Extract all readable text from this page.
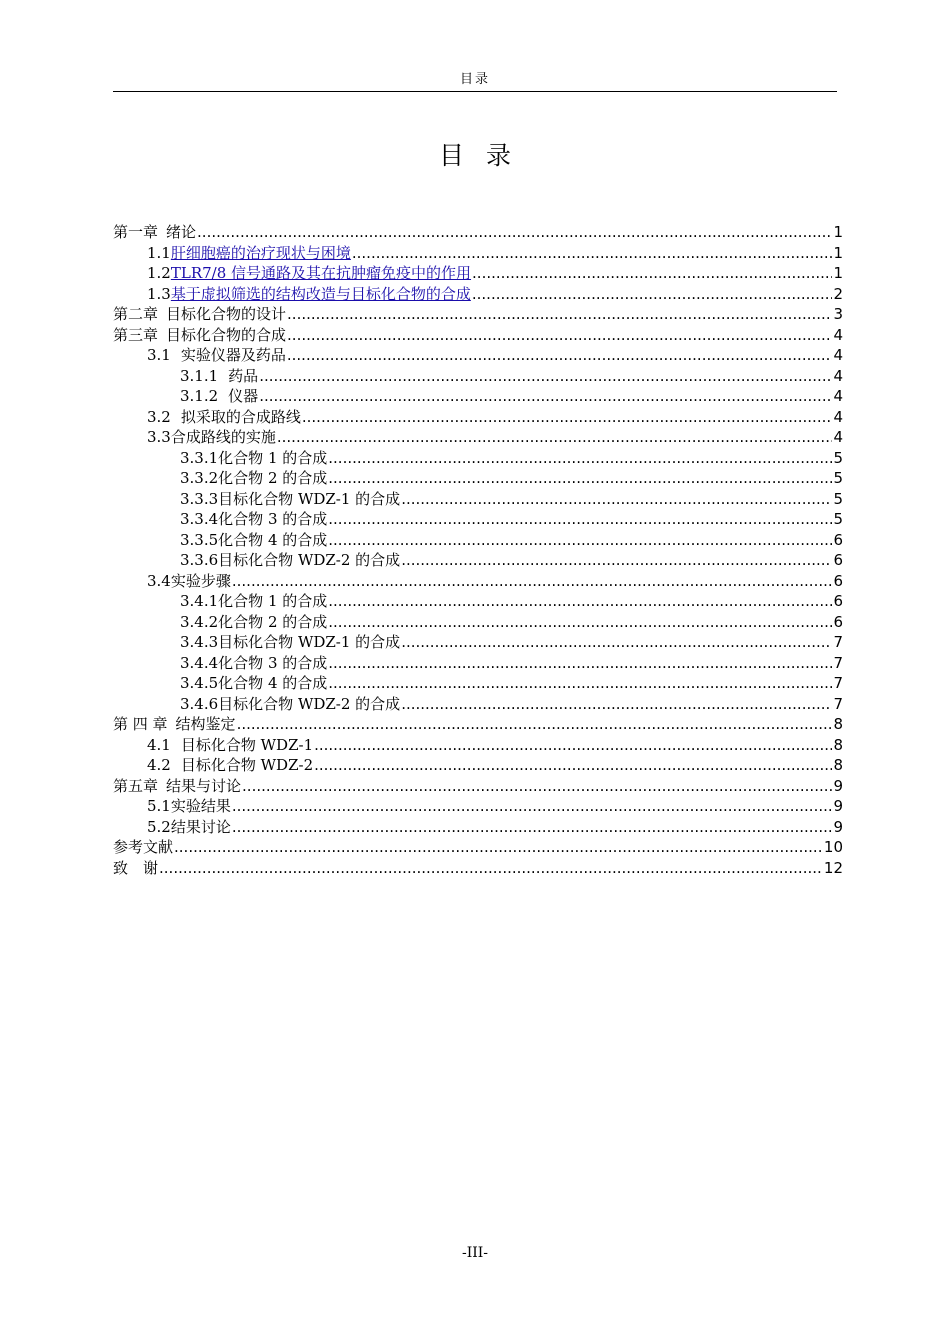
目录
目录
第一章 绪论 .....	1
1.1 肝细胞癌的治疗现状与困境 .....	1
1.2 TLR7/8 信号通路及其在抗肿瘤免疫中的作用 .....	1
1.3 基于虚拟筛选的结构改造与目标化合物的合成 .....	2
第二章 目标化合物的设计 .....	3
第三章 目标化合物的合成 .....	4
3.1 实验仪器及药品 .....	4
3.1.1 药品 .....	4
3.1.2 仪器 .....	4
3.2 拟采取的合成路线 .....	4
3.3 合成路线的实施 .....	4
3.3.1 化合物 1 的合成 .....	5
3.3.2 化合物 2 的合成 .....	5
3.3.3 目标化合物 WDZ-1 的合成 .....	5
3.3.4 化合物 3 的合成 .....	5
3.3.5 化合物 4 的合成 .....	6
3.3.6 目标化合物 WDZ-2 的合成 .....	6
3.4 实验步骤 .....	6
3.4.1 化合物 1 的合成 .....	6
3.4.2 化合物 2 的合成 .....	6
3.4.3 目标化合物 WDZ-1 的合成 .....	7
3.4.4 化合物 3 的合成 .....	7
3.4.5 化合物 4 的合成 .....	7
3.4.6 目标化合物 WDZ-2 的合成 .....	7
第 四 章 结构鉴定 .....	8
4.1 目标化合物 WDZ-1 .....	8
4.2 目标化合物 WDZ-2 .....	8
第五章 结果与讨论 .....	9
5.1 实验结果 .....	9
5.2 结果讨论 .....	9
参考文献 .....	10
致　谢 .....	12
-III-
